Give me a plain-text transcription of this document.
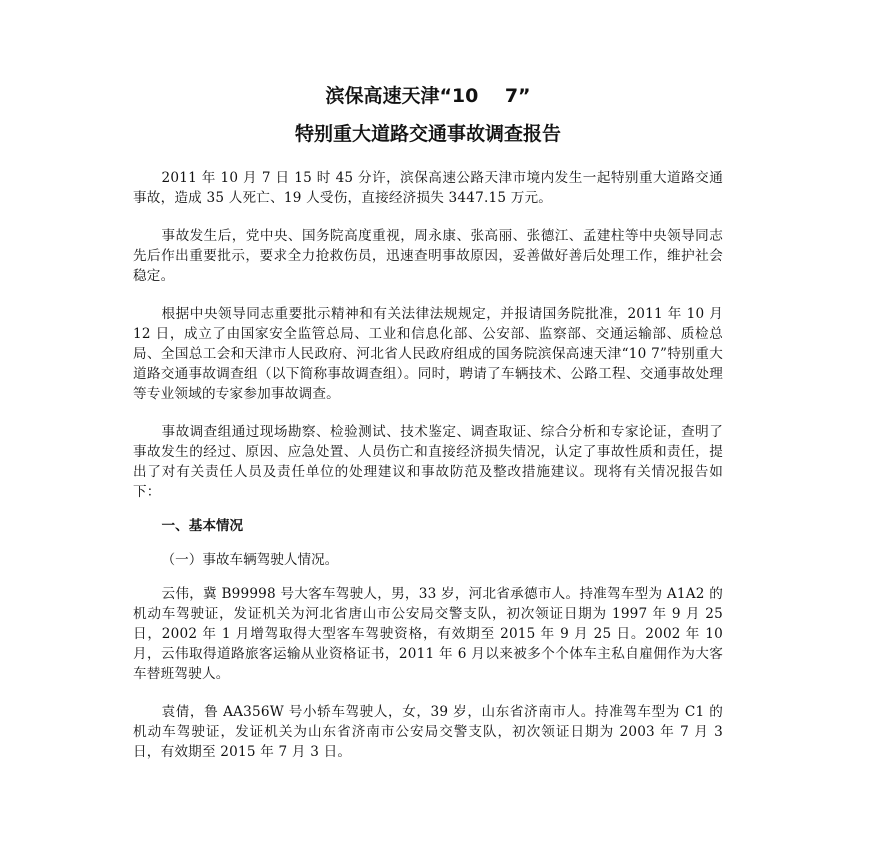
滨保高速天津“10    7”
特别重大道路交通事故调查报告

2011 年 10 月 7 日 15 时 45 分许，滨保高速公路天津市境内发生一起特别重大道路交通事故，造成 35 人死亡、19 人受伤，直接经济损失 3447.15 万元。

事故发生后，党中央、国务院高度重视，周永康、张高丽、张德江、孟建柱等中央领导同志先后作出重要批示，要求全力抢救伤员，迅速查明事故原因，妥善做好善后处理工作，维护社会稳定。

根据中央领导同志重要批示精神和有关法律法规规定，并报请国务院批准，2011 年 10 月 12 日，成立了由国家安全监管总局、工业和信息化部、公安部、监察部、交通运输部、质检总局、全国总工会和天津市人民政府、河北省人民政府组成的国务院滨保高速天津“10 7”特别重大道路交通事故调查组（以下简称事故调查组）。同时，聘请了车辆技术、公路工程、交通事故处理等专业领域的专家参加事故调查。

事故调查组通过现场勘察、检验测试、技术鉴定、调查取证、综合分析和专家论证，查明了事故发生的经过、原因、应急处置、人员伤亡和直接经济损失情况，认定了事故性质和责任，提出了对有关责任人员及责任单位的处理建议和事故防范及整改措施建议。现将有关情况报告如下：

一、基本情况

（一）事故车辆驾驶人情况。

云伟，冀 B99998 号大客车驾驶人，男，33 岁，河北省承德市人。持准驾车型为 A1A2 的机动车驾驶证，发证机关为河北省唐山市公安局交警支队，初次领证日期为 1997 年 9 月 25 日，2002 年 1 月增驾取得大型客车驾驶资格，有效期至 2015 年 9 月 25 日。2002 年 10 月，云伟取得道路旅客运输从业资格证书，2011 年 6 月以来被多个个体车主私自雇佣作为大客车替班驾驶人。

袁倩，鲁 AA356W 号小轿车驾驶人，女，39 岁，山东省济南市人。持准驾车型为 C1 的机动车驾驶证，发证机关为山东省济南市公安局交警支队，初次领证日期为 2003 年 7 月 3 日，有效期至 2015 年 7 月 3 日。
